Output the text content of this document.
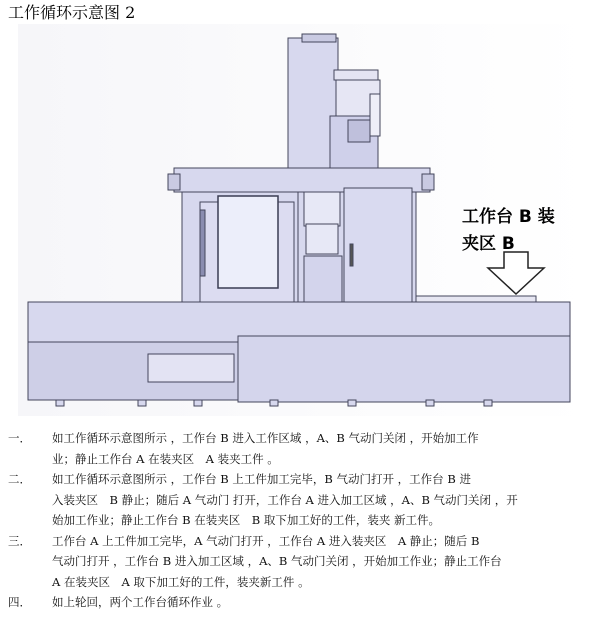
工作循环示意图 2
工作台 B 装
夹区 B
一．	如工作循环示意图所示 ，工作台 B 进入工作区域 ，A、B 气动门关闭 ，开始加工作
业；静止工作台 A 在装夹区　A 装夹工件 。
二．	如工作循环示意图所示 ，工作台 B 上工件加工完毕，B 气动门打开 ，工作台 B 进
入装夹区　B 静止；随后 A 气动门 打开，工作台 A 进入加工区域 ，A、B 气动门关闭 ，开
始加工作业；静止工作台 B 在装夹区　B 取下加工好的工件，装夹 新工件。
三．	工作台 A 上工件加工完毕，A 气动门打开 ，工作台 A 进入装夹区　A 静止；随后 B
气动门打开 ，工作台 B 进入加工区域 ，A、B 气动门关闭 ，开始加工作业；静止工作台
A 在装夹区　A 取下加工好的工件，装夹新工件 。
四．	如上轮回，两个工作台循环作业 。
